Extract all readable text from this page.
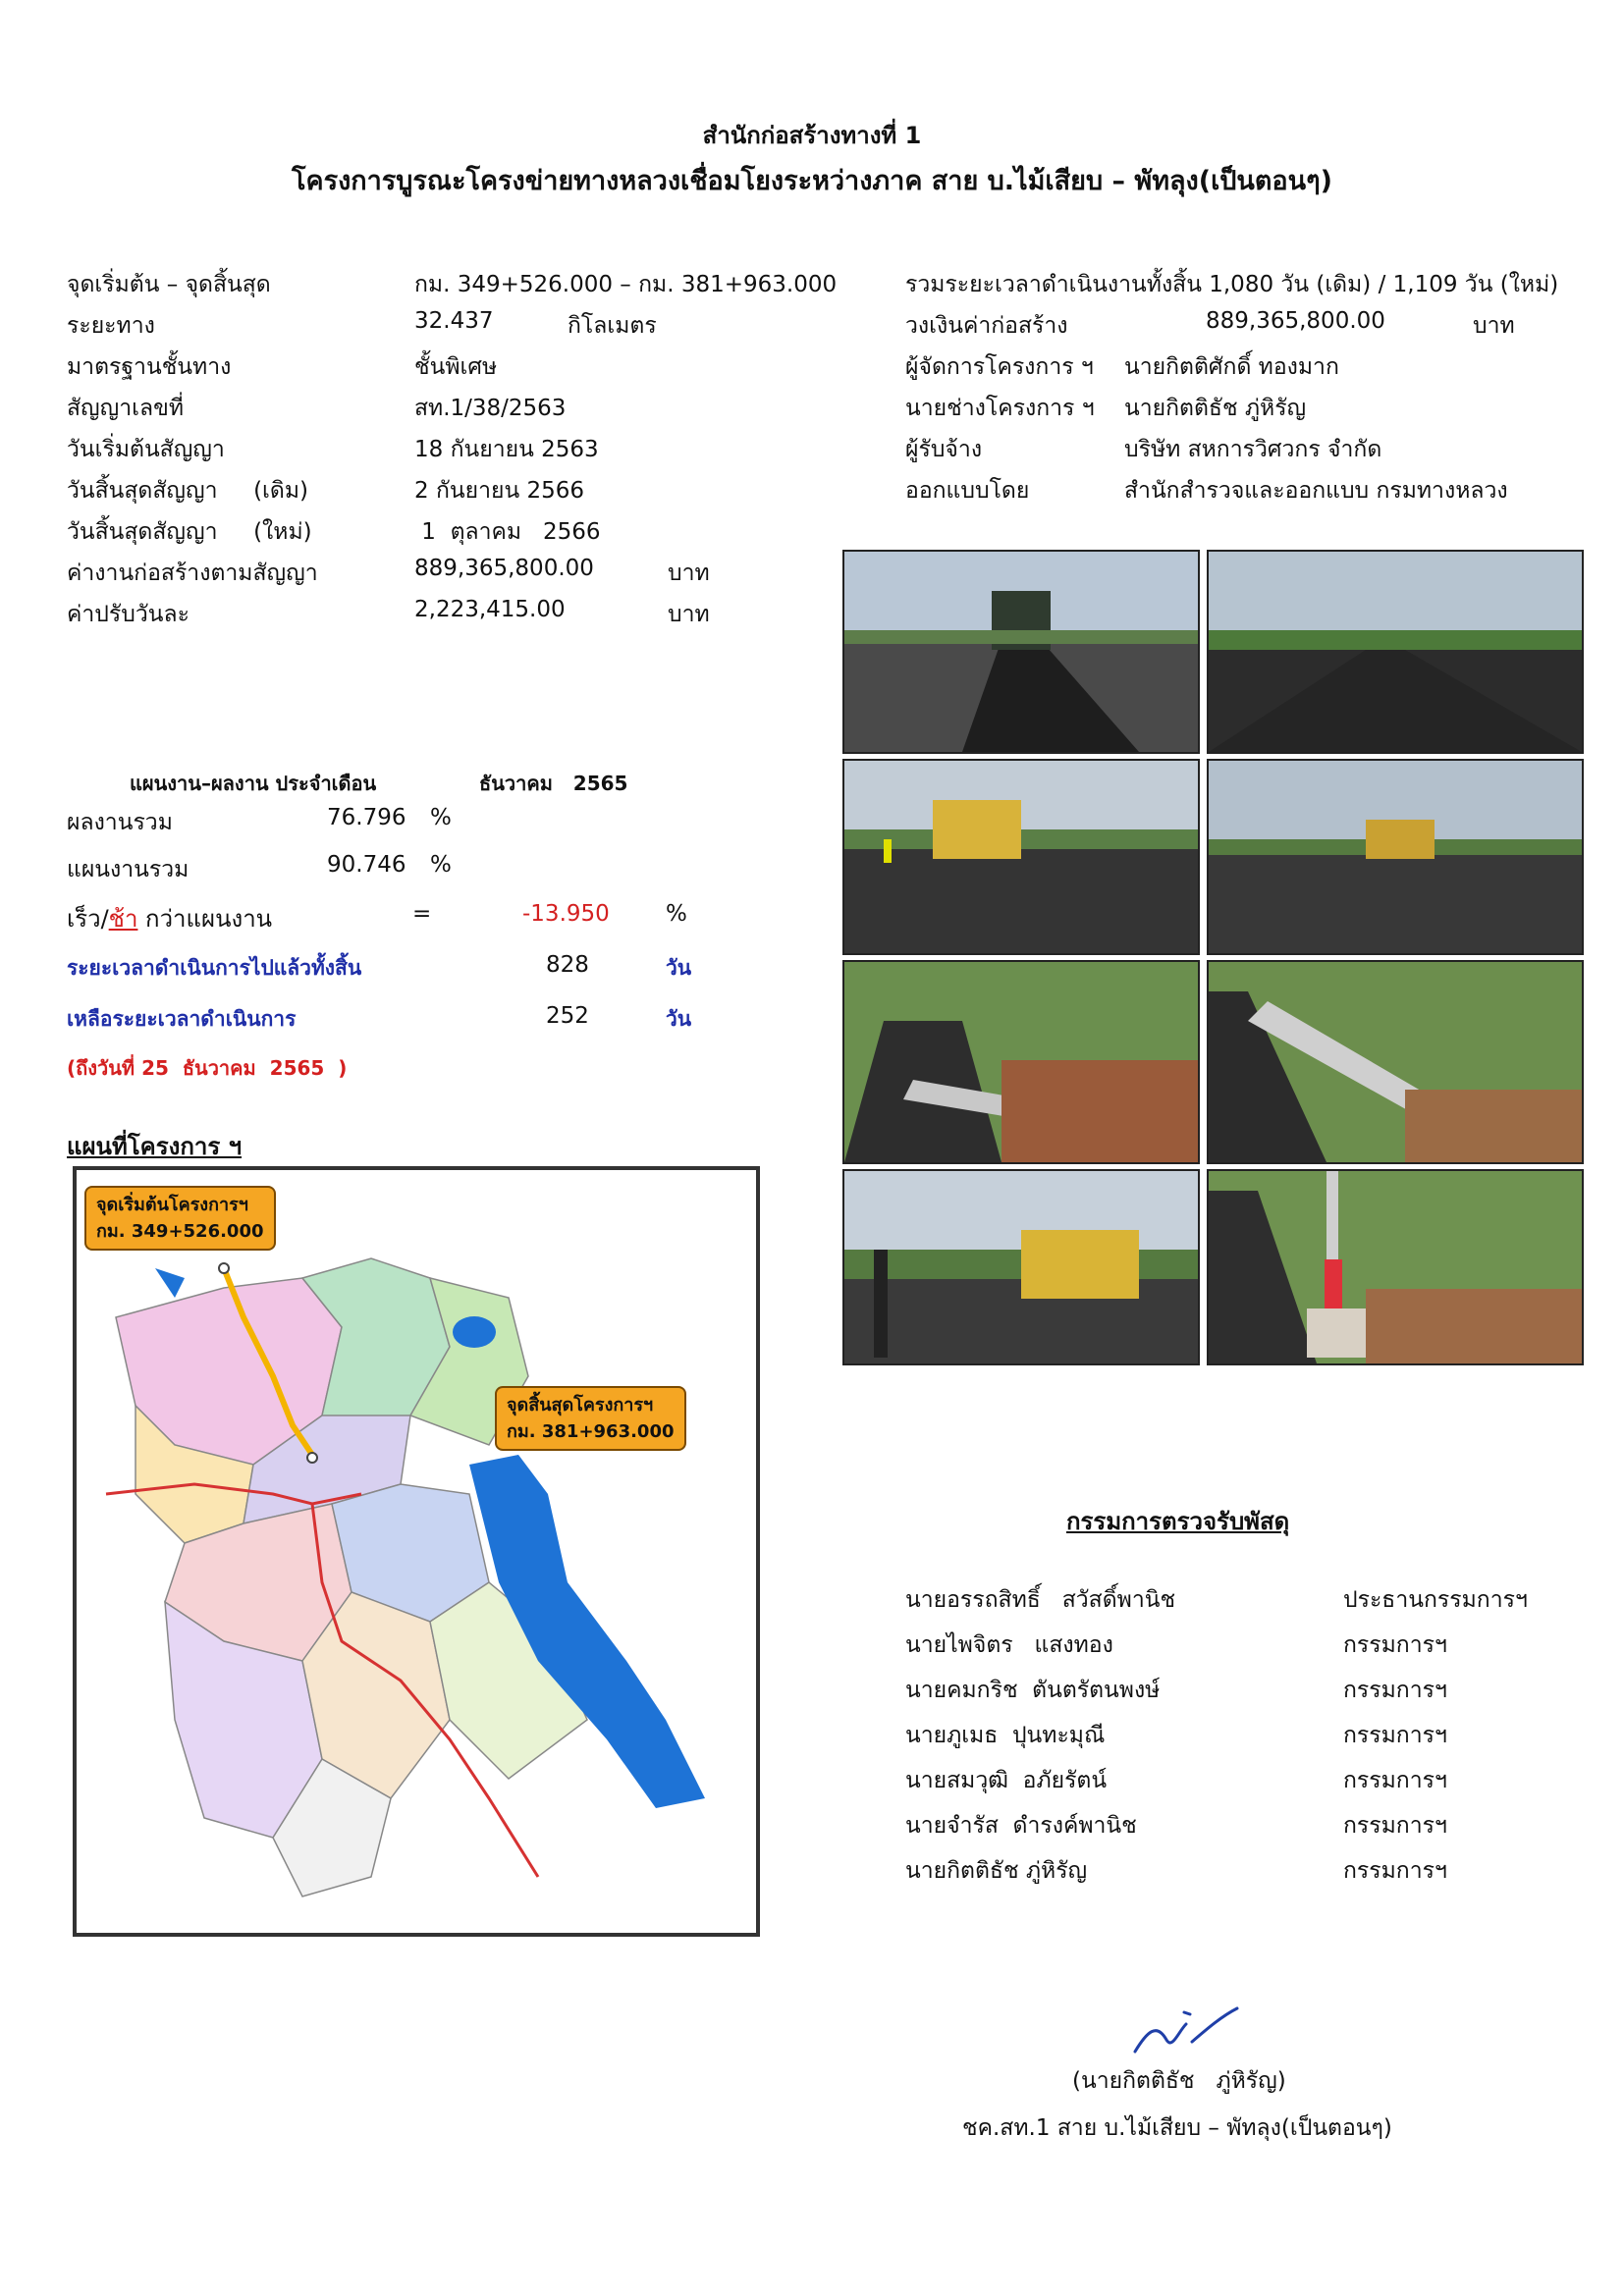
สำนักก่อสร้างทางที่ 1
โครงการบูรณะโครงข่ายทางหลวงเชื่อมโยงระหว่างภาค สาย บ.ไม้เสียบ – พัทลุง(เป็นตอนๆ)
จุดเริ่มต้น – จุดสิ้นสุด	กม. 349+526.000 – กม. 381+963.000
ระยะทาง	32.437	กิโลเมตร
มาตรฐานชั้นทาง	ชั้นพิเศษ
สัญญาเลขที่	สท.1/38/2563
วันเริ่มต้นสัญญา	18 กันยายน 2563
วันสิ้นสุดสัญญา     (เดิม)	2 กันยายน 2566
วันสิ้นสุดสัญญา     (ใหม่)	1  ตุลาคม   2566
ค่างานก่อสร้างตามสัญญา	889,365,800.00	บาท
ค่าปรับวันละ	2,223,415.00	บาท
รวมระยะเวลาดำเนินงานทั้งสิ้น 1,080 วัน (เดิม) / 1,109 วัน (ใหม่)
วงเงินค่าก่อสร้าง	889,365,800.00	บาท
ผู้จัดการโครงการ ฯ นายกิตติศักดิ์ ทองมาก
นายช่างโครงการ ฯ นายกิตติธัช ภู่หิรัญ
ผู้รับจ้าง	บริษัท สหการวิศวกร จำกัด
ออกแบบโดย	สำนักสำรวจและออกแบบ กรมทางหลวง
แผนงาน–ผลงาน ประจำเดือน	ธันวาคม   2565
ผลงานรวม	76.796 %
แผนงานรวม	90.746 %
เร็ว/ช้า กว่าแผนงาน	=	-13.950 %
ระยะเวลาดำเนินการไปแล้วทั้งสิ้น	828	วัน
เหลือระยะเวลาดำเนินการ	252	วัน
(ถึงวันที่ 25  ธันวาคม  2565  )
แผนที่โครงการ ฯ
จุดเริ่มต้นโครงการฯ
กม. 349+526.000
จุดสิ้นสุดโครงการฯ
กม. 381+963.000
กรรมการตรวจรับพัสดุ
นายอรรถสิทธิ์   สวัสดิ์พานิช	ประธานกรรมการฯ
นายไพจิตร   แสงทอง	กรรมการฯ
นายคมกริช  ตันตรัตนพงษ์	กรรมการฯ
นายภูเมธ  ปุนทะมุณี	กรรมการฯ
นายสมวุฒิ  อภัยรัตน์	กรรมการฯ
นายจำรัส  ดำรงค์พานิช	กรรมการฯ
นายกิตติธัช ภู่หิรัญ	กรรมการฯ
(นายกิตติธัช   ภู่หิรัญ)
ชค.สท.1 สาย บ.ไม้เสียบ – พัทลุง(เป็นตอนๆ)
